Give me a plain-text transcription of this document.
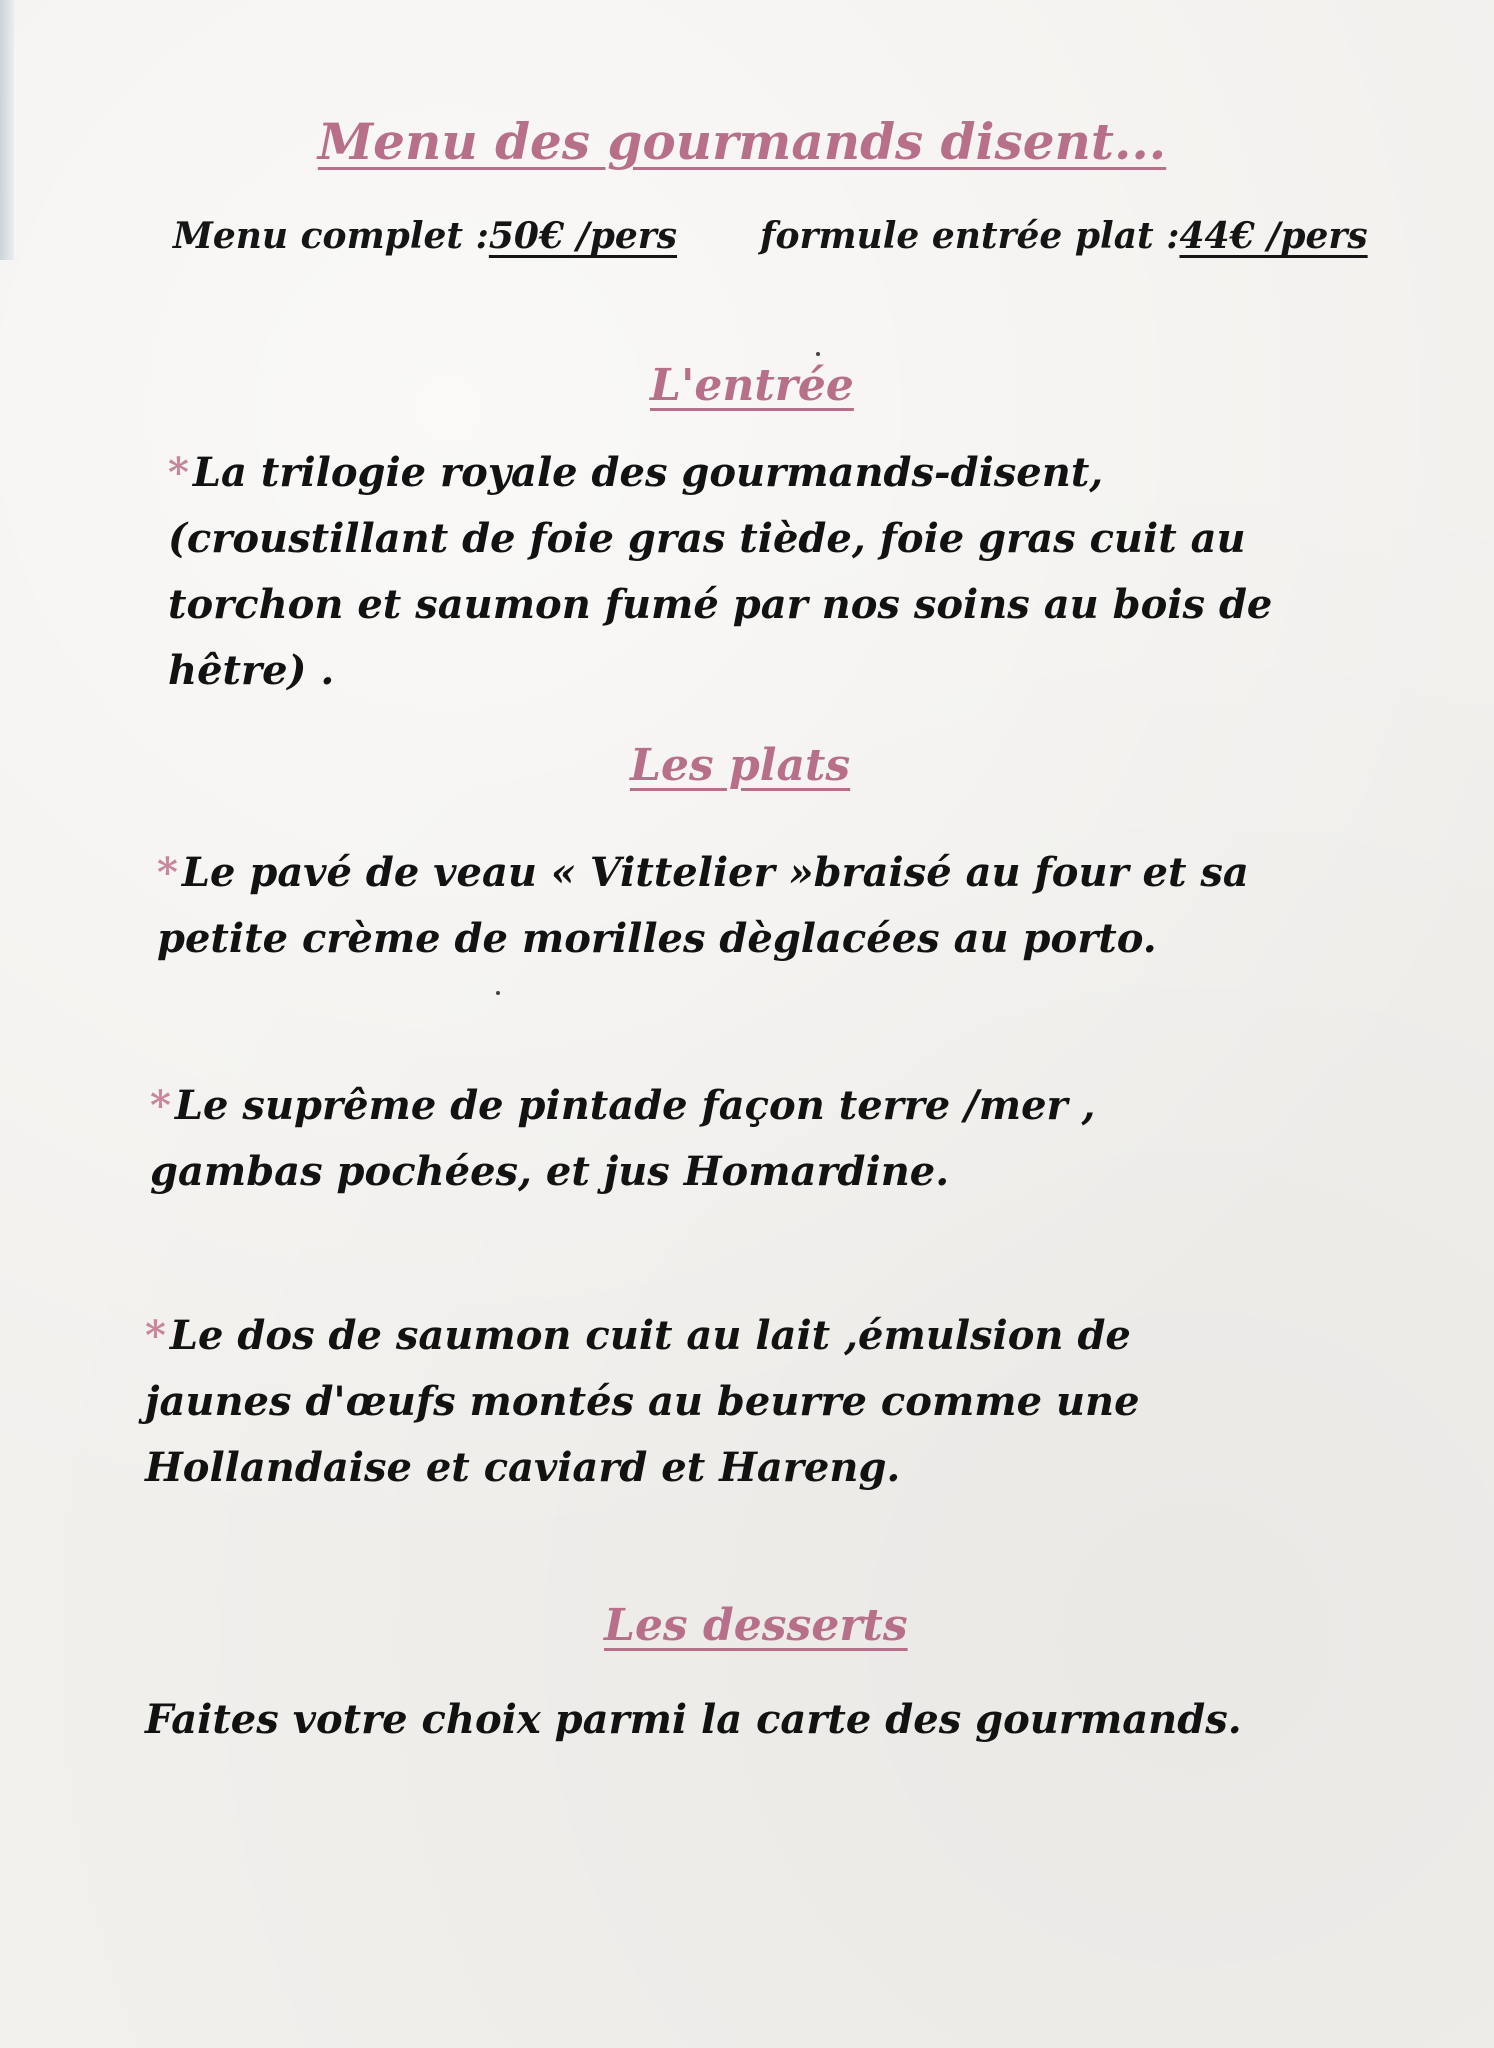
Menu des gourmands disent...
Menu complet :50€ /pers formule entrée plat :44€ /pers
L'entrée
* La trilogie royale des gourmands-disent,(croustillant de foie gras tiède, foie gras cuit au torchon et saumon fumé par nos soins au bois de hêtre) .
Les plats
* Le pavé de veau « Vittelier »braisé au four et sa petite crème de morilles dèglacées au porto.
* Le suprême de pintade façon terre /mer , gambas pochées, et jus Homardine.
* Le dos de saumon cuit au lait ,émulsion de jaunes d'œufs montés au beurre comme une Hollandaise et caviard et Hareng.
Les desserts
Faites votre choix parmi la carte des gourmands.
